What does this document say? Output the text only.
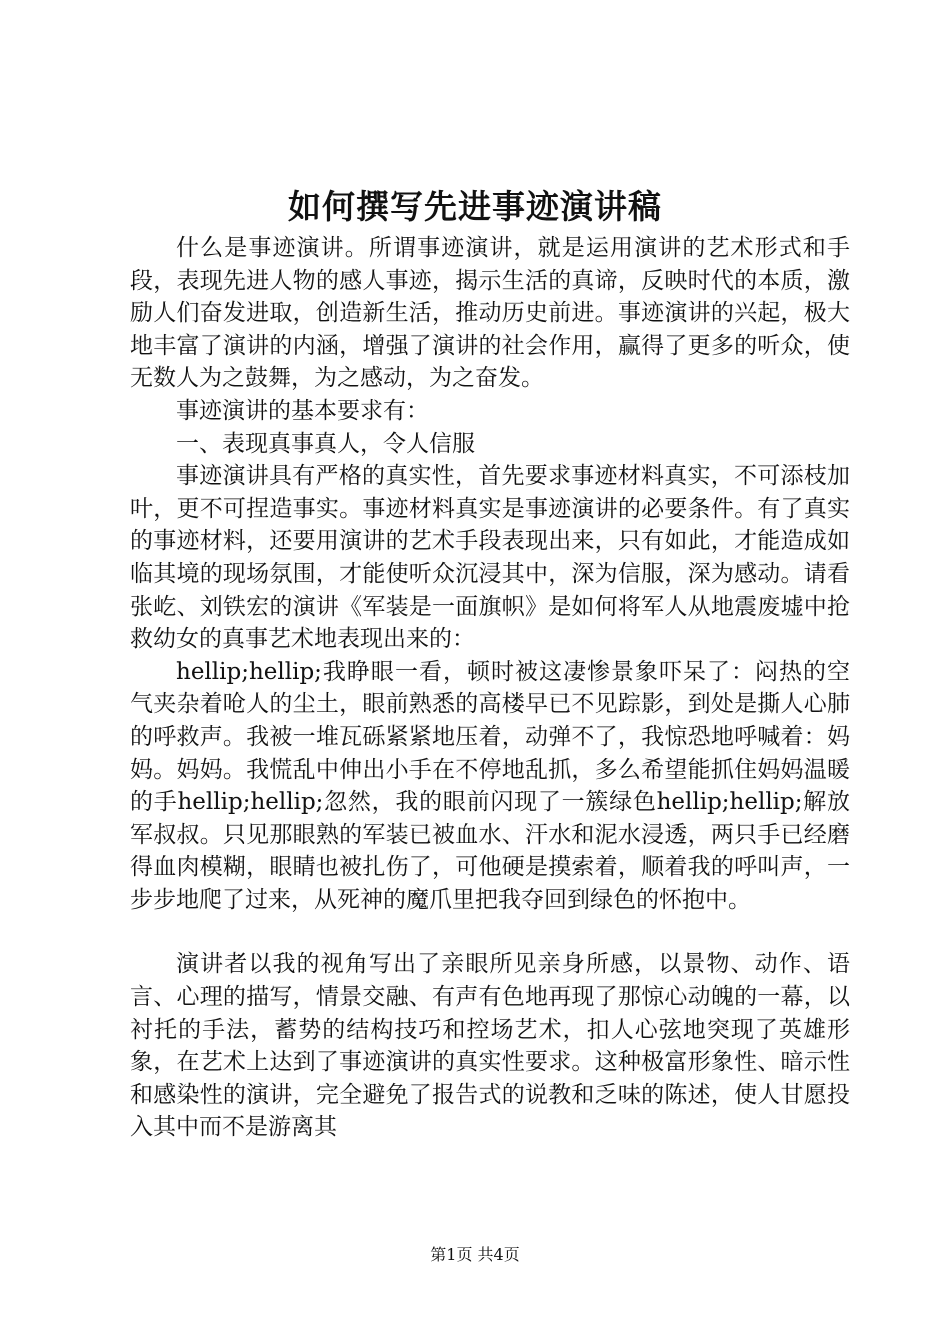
如何撰写先进事迹演讲稿

什么是事迹演讲。所谓事迹演讲，就是运用演讲的艺术形式和手段，表现先进人物的感人事迹，揭示生活的真谛，反映时代的本质，激励人们奋发进取，创造新生活，推动历史前进。事迹演讲的兴起，极大地丰富了演讲的内涵，增强了演讲的社会作用，赢得了更多的听众，使无数人为之鼓舞，为之感动，为之奋发。

事迹演讲的基本要求有：

一、表现真事真人，令人信服

事迹演讲具有严格的真实性，首先要求事迹材料真实，不可添枝加叶，更不可捏造事实。事迹材料真实是事迹演讲的必要条件。有了真实的事迹材料，还要用演讲的艺术手段表现出来，只有如此，才能造成如临其境的现场氛围，才能使听众沉浸其中，深为信服，深为感动。请看张屹、刘铁宏的演讲《军装是一面旗帜》是如何将军人从地震废墟中抢救幼女的真事艺术地表现出来的：

hellip;hellip;我睁眼一看，顿时被这凄惨景象吓呆了：闷热的空气夹杂着呛人的尘土，眼前熟悉的高楼早已不见踪影，到处是撕人心肺的呼救声。我被一堆瓦砾紧紧地压着，动弹不了，我惊恐地呼喊着：妈妈。妈妈。我慌乱中伸出小手在不停地乱抓，多么希望能抓住妈妈温暖的手hellip;hellip;忽然，我的眼前闪现了一簇绿色hellip;hellip;解放军叔叔。只见那眼熟的军装已被血水、汗水和泥水浸透，两只手已经磨得血肉模糊，眼睛也被扎伤了，可他硬是摸索着，顺着我的呼叫声，一步步地爬了过来，从死神的魔爪里把我夺回到绿色的怀抱中。

演讲者以我的视角写出了亲眼所见亲身所感，以景物、动作、语言、心理的描写，情景交融、有声有色地再现了那惊心动魄的一幕，以衬托的手法，蓄势的结构技巧和控场艺术，扣人心弦地突现了英雄形象，在艺术上达到了事迹演讲的真实性要求。这种极富形象性、暗示性和感染性的演讲，完全避免了报告式的说教和乏味的陈述，使人甘愿投入其中而不是游离其

第1页 共4页
